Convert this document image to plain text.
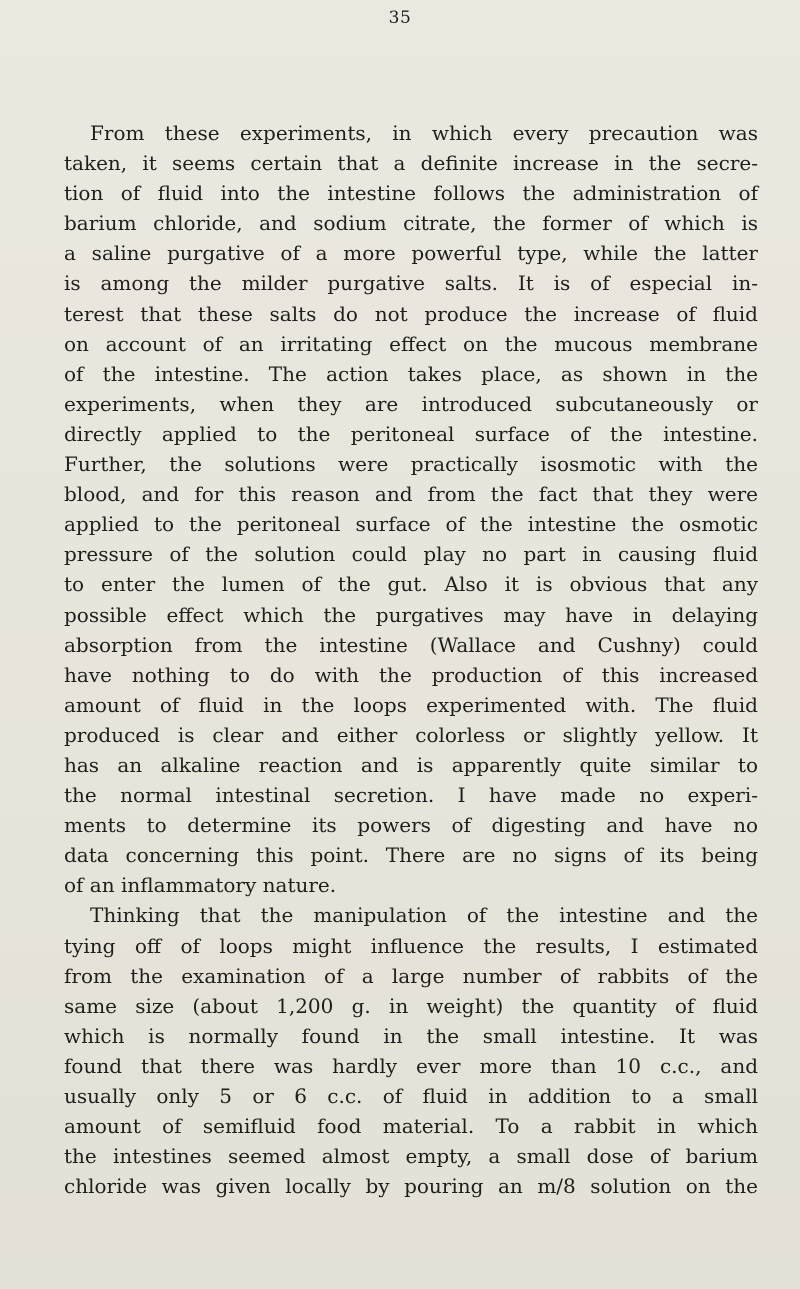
35
From these experiments, in which every precaution was
taken, it seems certain that a definite increase in the secre-
tion of fluid into the intestine follows the administration of
barium chloride, and sodium citrate, the former of which is
a saline purgative of a more powerful type, while the latter
is among the milder purgative salts. It is of especial in-
terest that these salts do not produce the increase of fluid
on account of an irritating effect on the mucous membrane
of the intestine. The action takes place, as shown in the
experiments, when they are introduced subcutaneously or
directly applied to the peritoneal surface of the intestine.
Further, the solutions were practically isosmotic with the
blood, and for this reason and from the fact that they were
applied to the peritoneal surface of the intestine the osmotic
pressure of the solution could play no part in causing fluid
to enter the lumen of the gut. Also it is obvious that any
possible effect which the purgatives may have in delaying
absorption from the intestine (Wallace and Cushny) could
have nothing to do with the production of this increased
amount of fluid in the loops experimented with. The fluid
produced is clear and either colorless or slightly yellow. It
has an alkaline reaction and is apparently quite similar to
the normal intestinal secretion. I have made no experi-
ments to determine its powers of digesting and have no
data concerning this point. There are no signs of its being
of an inflammatory nature.
Thinking that the manipulation of the intestine and the
tying off of loops might influence the results, I estimated
from the examination of a large number of rabbits of the
same size (about 1,200 g. in weight) the quantity of fluid
which is normally found in the small intestine. It was
found that there was hardly ever more than 10 c.c., and
usually only 5 or 6 c.c. of fluid in addition to a small
amount of semifluid food material. To a rabbit in which
the intestines seemed almost empty, a small dose of barium
chloride was given locally by pouring an m/8 solution on the
